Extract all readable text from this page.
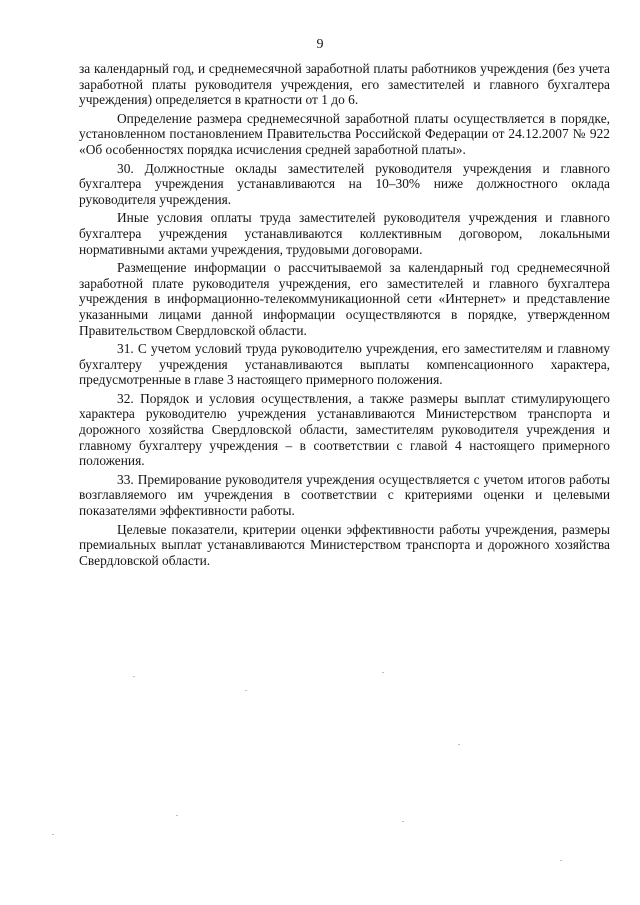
9

за календарный год, и среднемесячной заработной платы работников учреждения (без учета заработной платы руководителя учреждения, его заместителей и главного бухгалтера учреждения) определяется в кратности от 1 до 6.

Определение размера среднемесячной заработной платы осуществляется в порядке, установленном постановлением Правительства Российской Федерации от 24.12.2007 № 922 «Об особенностях порядка исчисления средней заработной платы».

30. Должностные оклады заместителей руководителя учреждения и главного бухгалтера учреждения устанавливаются на 10–30% ниже должностного оклада руководителя учреждения.

Иные условия оплаты труда заместителей руководителя учреждения и главного бухгалтера учреждения устанавливаются коллективным договором, локальными нормативными актами учреждения, трудовыми договорами.

Размещение информации о рассчитываемой за календарный год среднемесячной заработной плате руководителя учреждения, его заместителей и главного бухгалтера учреждения в информационно-телекоммуникационной сети «Интернет» и представление указанными лицами данной информации осуществляются в порядке, утвержденном Правительством Свердловской области.

31. С учетом условий труда руководителю учреждения, его заместителям и главному бухгалтеру учреждения устанавливаются выплаты компенсационного характера, предусмотренные в главе 3 настоящего примерного положения.

32. Порядок и условия осуществления, а также размеры выплат стимулирующего характера руководителю учреждения устанавливаются Министерством транспорта и дорожного хозяйства Свердловской области, заместителям руководителя учреждения и главному бухгалтеру учреждения – в соответствии с главой 4 настоящего примерного положения.

33. Премирование руководителя учреждения осуществляется с учетом итогов работы возглавляемого им учреждения в соответствии с критериями оценки и целевыми показателями эффективности работы.

Целевые показатели, критерии оценки эффективности работы учреждения, размеры премиальных выплат устанавливаются Министерством транспорта и дорожного хозяйства Свердловской области.
